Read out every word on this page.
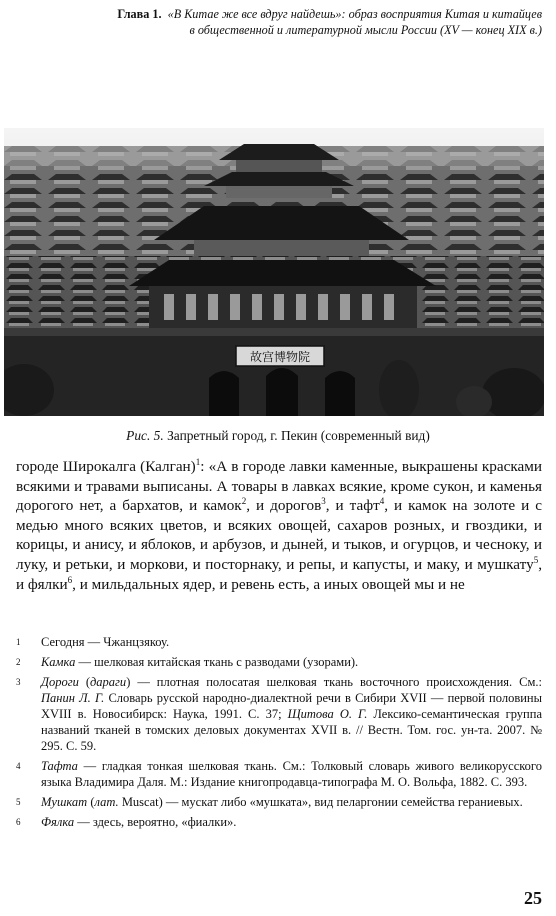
Глава 1. «В Китае же все вдруг найдешь»: образ восприятия Китая и китайцев
в общественной и литературной мысли России (XV — конец XIX в.)
故宫博物院
Рис. 5. Запретный город, г. Пекин (современный вид)

городе Широкалга (Калган)$^1$: «А в городе лавки каменные, выкрашены красками всякими и травами выписаны. А товары в лавках всякие, кроме сукон, и каменья дорогого нет, а бархатов, и камок$^2$, и дорогов$^3$, и тафт$^4$, и камок на золоте и с медью много всяких цветов, и всяких овощей, сахаров розных, и гвоздики, и корицы, и анису, и яблоков, и арбузов, и дыней, и тыков, и огурцов, и чесноку, и луку, и ретьки, и моркови, и посторнаку, и репы, и капусты, и маку, и мушкату$^5$, и фялки$^6$, и мильдальных ядер, и ревень есть, а иных овощей мы и не

1 Сегодня — Чжанцзякоу.
2 Камка — шелковая китайская ткань с разводами (узорами).
3 Дороги (дараги) — плотная полосатая шелковая ткань восточного происхождения. См.: Панин Л. Г. Словарь русской народно-диалектной речи в Сибири XVII — первой половины XVIII в. Новосибирск: Наука, 1991. С. 37; Щитова О. Г. Лексико-семантическая группа названий тканей в томских деловых документах XVII в. // Вестн. Том. гос. ун-та. 2007. № 295. С. 59.
4 Тафта — гладкая тонкая шелковая ткань. См.: Толковый словарь живого великорусского языка Владимира Даля. М.: Издание книгопродавца-типографа М. О. Вольфа, 1882. С. 393.
5 Мушкат (лат. Muscat) — мускат либо «мушката», вид пеларгонии семейства гераниевых.
6 Фялка — здесь, вероятно, «фиалки».
25
